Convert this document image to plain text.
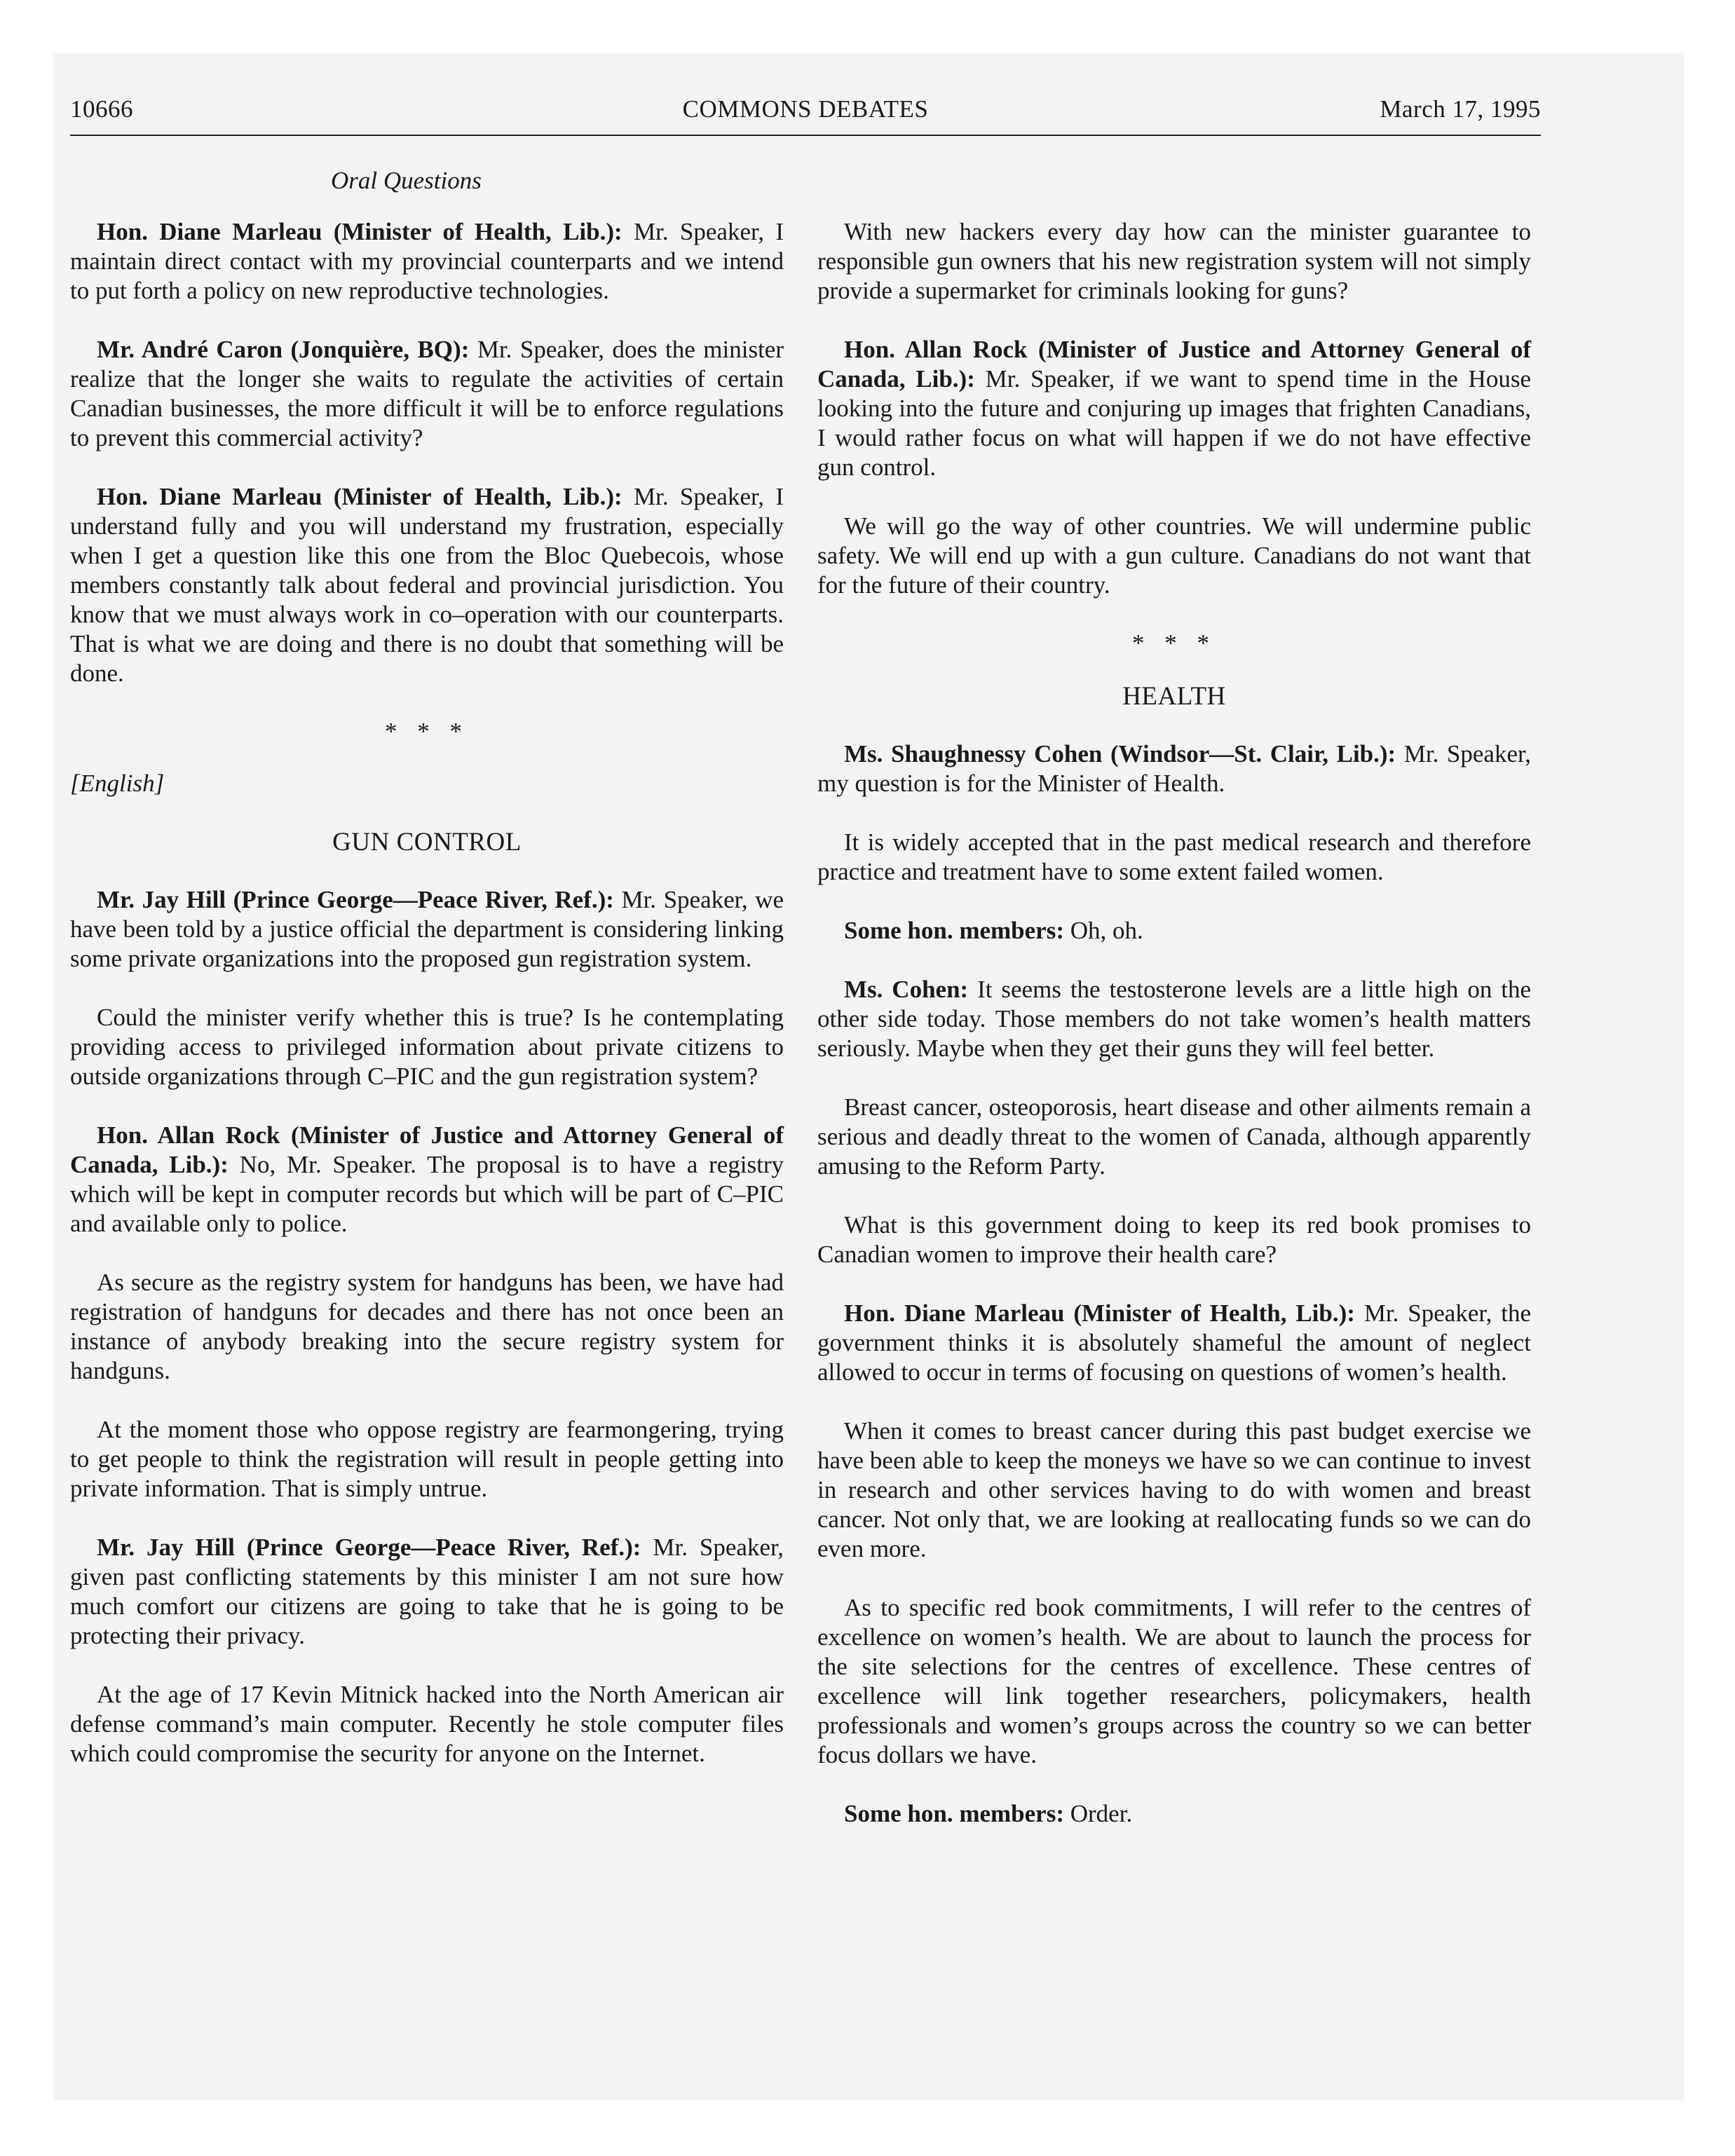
10666	COMMONS DEBATES	March 17, 1995
Oral Questions

Hon. Diane Marleau (Minister of Health, Lib.): Mr. Speaker, I maintain direct contact with my provincial counterparts and we intend to put forth a policy on new reproductive technologies.

Mr. André Caron (Jonquière, BQ): Mr. Speaker, does the minister realize that the longer she waits to regulate the activities of certain Canadian businesses, the more difficult it will be to enforce regulations to prevent this commercial activity?

Hon. Diane Marleau (Minister of Health, Lib.): Mr. Speaker, I understand fully and you will understand my frustration, especially when I get a question like this one from the Bloc Quebecois, whose members constantly talk about federal and provincial jurisdiction. You know that we must always work in co–operation with our counterparts. That is what we are doing and there is no doubt that something will be done.

* * *
[English]
GUN CONTROL

Mr. Jay Hill (Prince George—Peace River, Ref.): Mr. Speaker, we have been told by a justice official the department is considering linking some private organizations into the proposed gun registration system.

Could the minister verify whether this is true? Is he contemplating providing access to privileged information about private citizens to outside organizations through C–PIC and the gun registration system?

Hon. Allan Rock (Minister of Justice and Attorney General of Canada, Lib.): No, Mr. Speaker. The proposal is to have a registry which will be kept in computer records but which will be part of C–PIC and available only to police.

As secure as the registry system for handguns has been, we have had registration of handguns for decades and there has not once been an instance of anybody breaking into the secure registry system for handguns.

At the moment those who oppose registry are fearmongering, trying to get people to think the registration will result in people getting into private information. That is simply untrue.

Mr. Jay Hill (Prince George—Peace River, Ref.): Mr. Speaker, given past conflicting statements by this minister I am not sure how much comfort our citizens are going to take that he is going to be protecting their privacy.

At the age of 17 Kevin Mitnick hacked into the North American air defense command’s main computer. Recently he stole computer files which could compromise the security for anyone on the Internet.

With new hackers every day how can the minister guarantee to responsible gun owners that his new registration system will not simply provide a supermarket for criminals looking for guns?

Hon. Allan Rock (Minister of Justice and Attorney General of Canada, Lib.): Mr. Speaker, if we want to spend time in the House looking into the future and conjuring up images that frighten Canadians, I would rather focus on what will happen if we do not have effective gun control.

We will go the way of other countries. We will undermine public safety. We will end up with a gun culture. Canadians do not want that for the future of their country.

* * *
HEALTH

Ms. Shaughnessy Cohen (Windsor—St. Clair, Lib.): Mr. Speaker, my question is for the Minister of Health.

It is widely accepted that in the past medical research and therefore practice and treatment have to some extent failed women.

Some hon. members: Oh, oh.

Ms. Cohen: It seems the testosterone levels are a little high on the other side today. Those members do not take women’s health matters seriously. Maybe when they get their guns they will feel better.

Breast cancer, osteoporosis, heart disease and other ailments remain a serious and deadly threat to the women of Canada, although apparently amusing to the Reform Party.

What is this government doing to keep its red book promises to Canadian women to improve their health care?

Hon. Diane Marleau (Minister of Health, Lib.): Mr. Speaker, the government thinks it is absolutely shameful the amount of neglect allowed to occur in terms of focusing on questions of women’s health.

When it comes to breast cancer during this past budget exercise we have been able to keep the moneys we have so we can continue to invest in research and other services having to do with women and breast cancer. Not only that, we are looking at reallocating funds so we can do even more.

As to specific red book commitments, I will refer to the centres of excellence on women’s health. We are about to launch the process for the site selections for the centres of excellence. These centres of excellence will link together researchers, policymakers, health professionals and women’s groups across the country so we can better focus dollars we have.

Some hon. members: Order.
